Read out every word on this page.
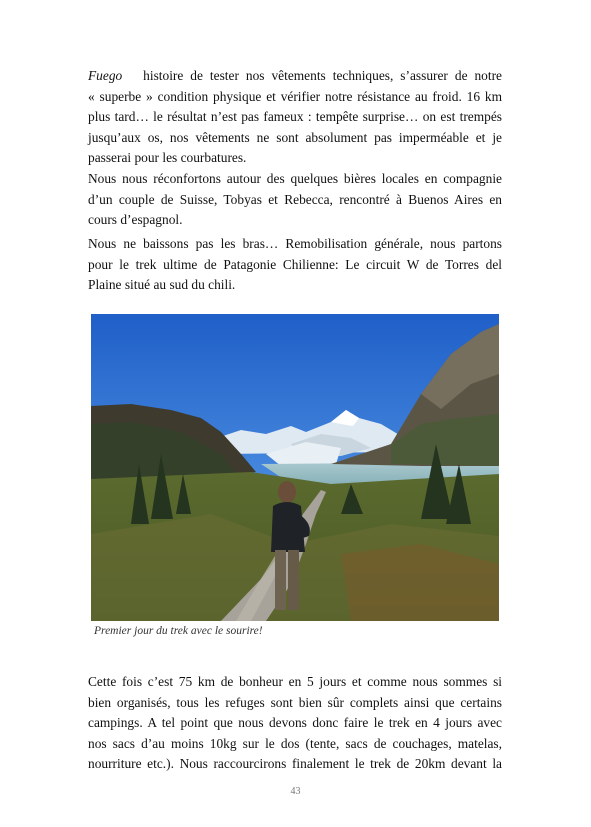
Fuego histoire de tester nos vêtements techniques, s’assurer de notre
« superbe » condition physique et vérifier notre résistance au froid. 16 km
plus tard… le résultat n’est pas fameux : tempête surprise… on est trempés
jusqu’aux os, nos vêtements ne sont absolument pas imperméable et je
passerai pour les courbatures.
Nous nous réconfortons autour des quelques bières locales en compagnie
d’un couple de Suisse, Tobyas et Rebecca, rencontré à Buenos Aires en
cours d’espagnol.
Nous ne baissons pas les bras… Remobilisation générale, nous partons
pour le trek ultime de Patagonie Chilienne: Le circuit W de Torres del
Plaine situé au sud du chili.
Premier jour du trek avec le sourire!
Cette fois c’est 75 km de bonheur en 5 jours et comme nous sommes si
bien organisés, tous les refuges sont bien sûr complets ainsi que certains
campings. A tel point que nous devons donc faire le trek en 4 jours avec
nos sacs d’au moins 10kg sur le dos (tente, sacs de couchages, matelas,
nourriture etc.). Nous raccourcirons finalement le trek de 20km devant la
43
